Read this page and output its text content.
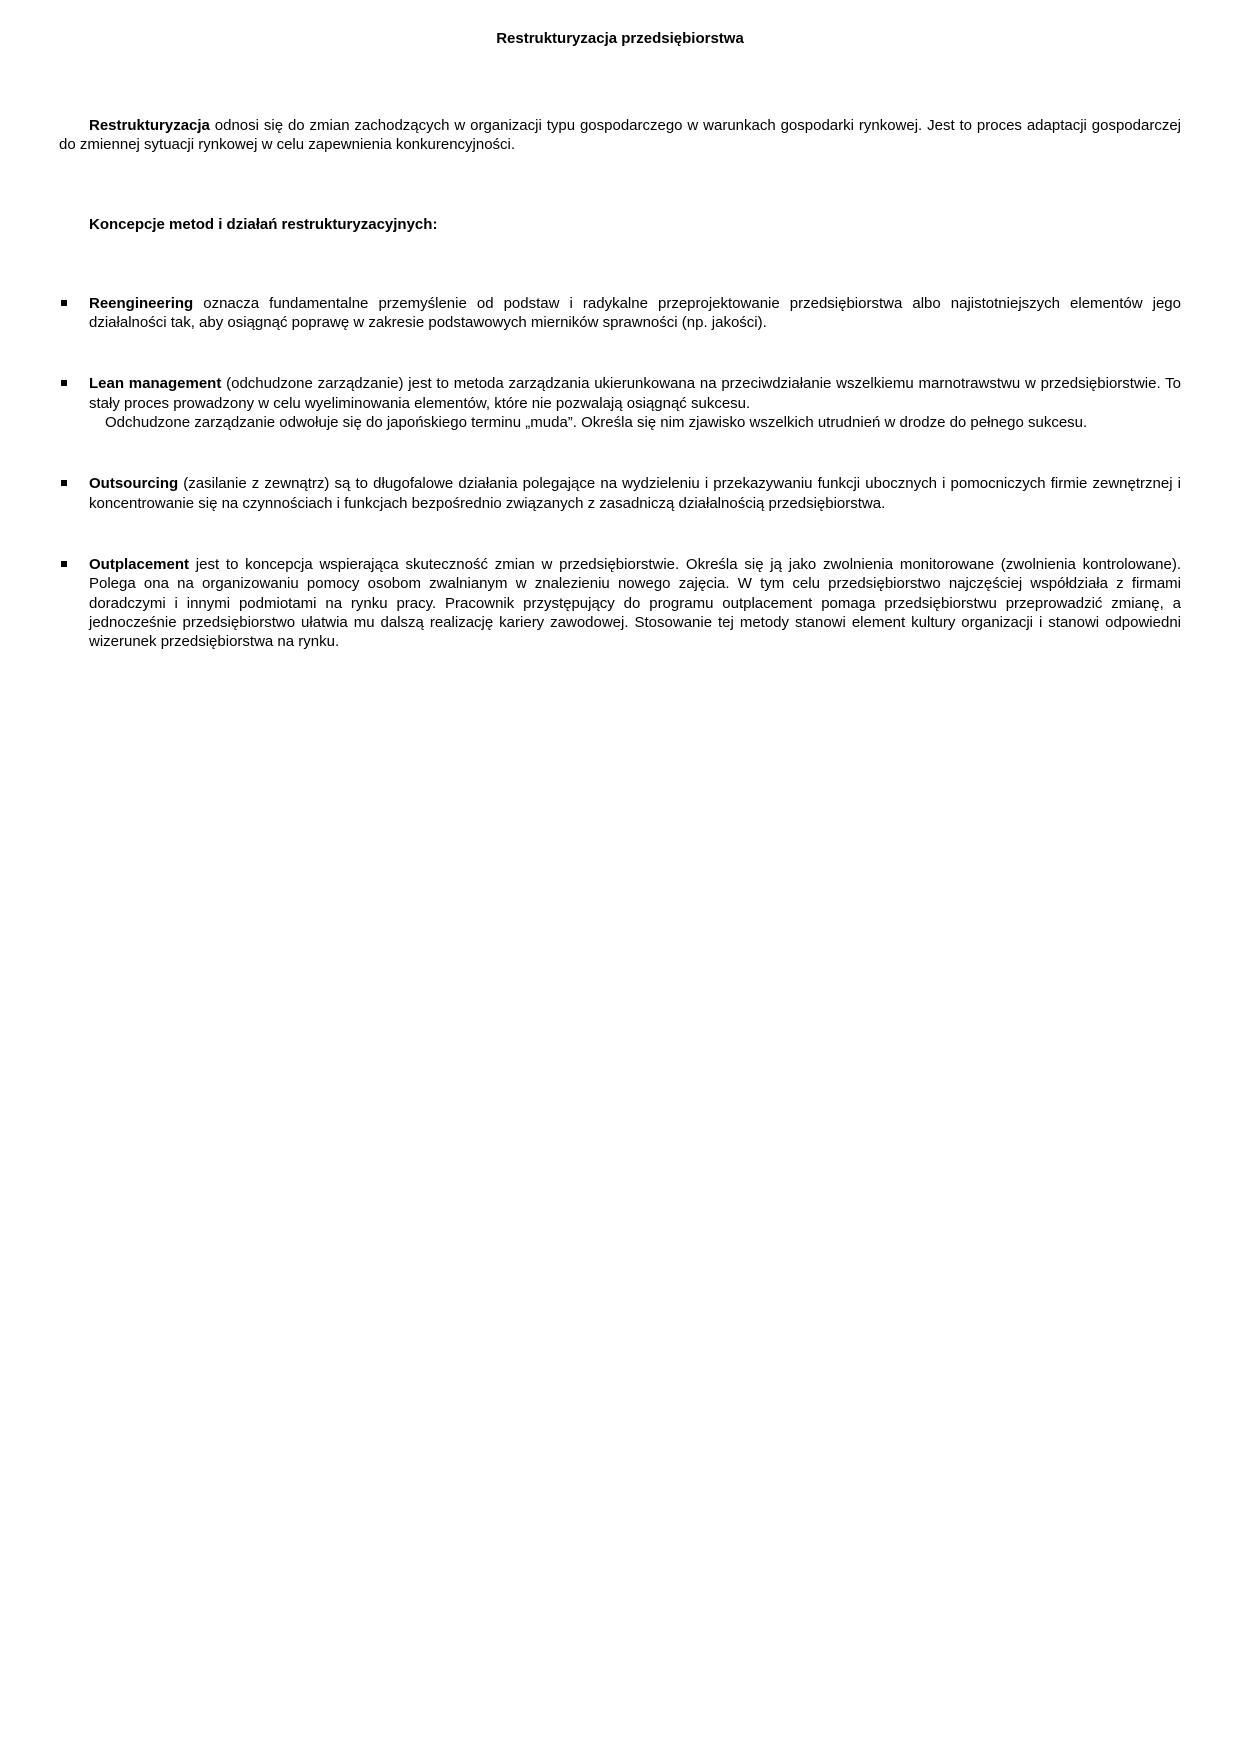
Restrukturyzacja przedsiębiorstwa

Restrukturyzacja odnosi się do zmian zachodzących w organizacji typu gospodarczego w warunkach gospodarki rynkowej. Jest to proces adaptacji gospodarczej do zmiennej sytuacji rynkowej w celu zapewnienia konkurencyjności.

Koncepcje metod i działań restrukturyzacyjnych:
Reengineering oznacza fundamentalne przemyślenie od podstaw i radykalne przeprojektowanie przedsiębiorstwa albo najistotniejszych elementów jego działalności tak, aby osiągnąć poprawę w zakresie podstawowych mierników sprawności (np. jakości).
Lean management (odchudzone zarządzanie) jest to metoda zarządzania ukierunkowana na przeciwdziałanie wszelkiemu marnotrawstwu w przedsiębiorstwie. To stały proces prowadzony w celu wyeliminowania elementów, które nie pozwalają osiągnąć sukcesu.
Odchudzone zarządzanie odwołuje się do japońskiego terminu „muda”. Określa się nim zjawisko wszelkich utrudnień w drodze do pełnego sukcesu.
Outsourcing (zasilanie z zewnątrz) są to długofalowe działania polegające na wydzieleniu i przekazywaniu funkcji ubocznych i pomocniczych firmie zewnętrznej i koncentrowanie się na czynnościach i funkcjach bezpośrednio związanych z zasadniczą działalnością przedsiębiorstwa.
Outplacement jest to koncepcja wspierająca skuteczność zmian w przedsiębiorstwie. Określa się ją jako zwolnienia monitorowane (zwolnienia kontrolowane). Polega ona na organizowaniu pomocy osobom zwalnianym w znalezieniu nowego zajęcia. W tym celu przedsiębiorstwo najczęściej współdziała z firmami doradczymi i innymi podmiotami na rynku pracy. Pracownik przystępujący do programu outplacement pomaga przedsiębiorstwu przeprowadzić zmianę, a jednocześnie przedsiębiorstwo ułatwia mu dalszą realizację kariery zawodowej. Stosowanie tej metody stanowi element kultury organizacji i stanowi odpowiedni wizerunek przedsiębiorstwa na rynku.
